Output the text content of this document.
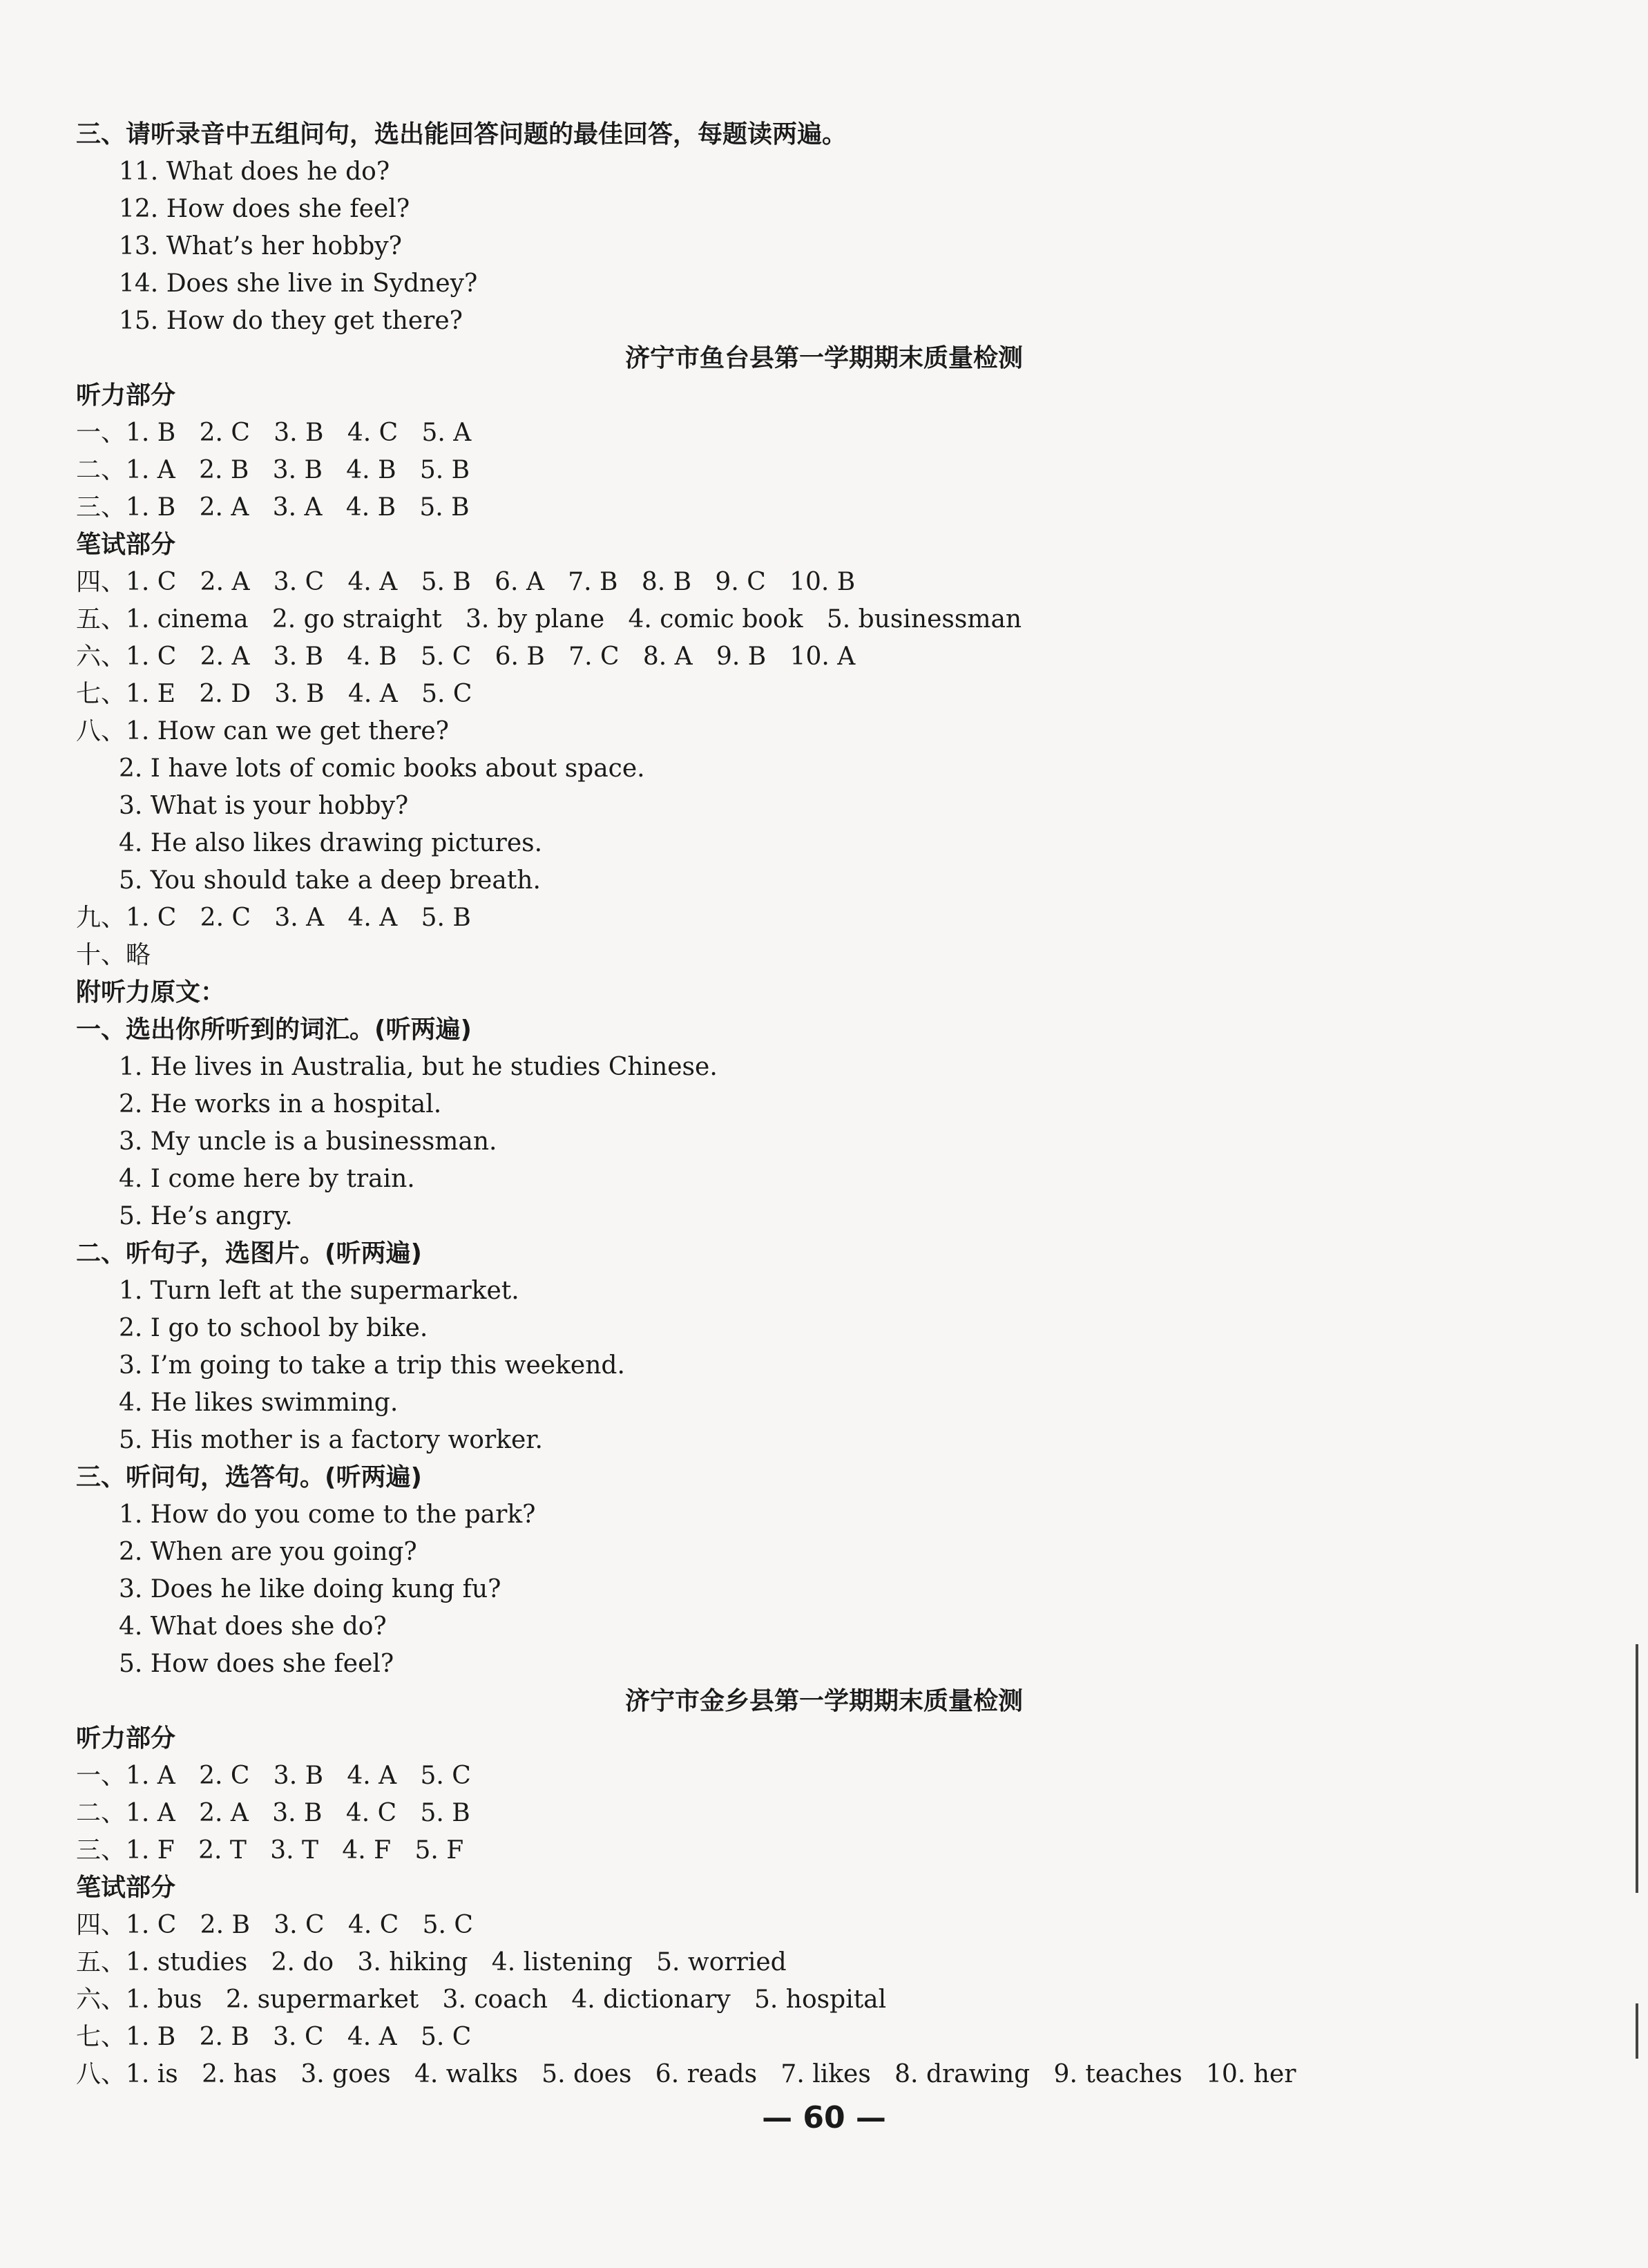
三、请听录音中五组问句，选出能回答问题的最佳回答，每题读两遍。
11. What does he do?
12. How does she feel?
13. What’s her hobby?
14. Does she live in Sydney?
15. How do they get there?
济宁市鱼台县第一学期期末质量检测
听力部分
一、1. B   2. C   3. B   4. C   5. A
二、1. A   2. B   3. B   4. B   5. B
三、1. B   2. A   3. A   4. B   5. B
笔试部分
四、1. C   2. A   3. C   4. A   5. B   6. A   7. B   8. B   9. C   10. B
五、1. cinema   2. go straight   3. by plane   4. comic book   5. businessman
六、1. C   2. A   3. B   4. B   5. C   6. B   7. C   8. A   9. B   10. A
七、1. E   2. D   3. B   4. A   5. C
八、1. How can we get there?
2. I have lots of comic books about space.
3. What is your hobby?
4. He also likes drawing pictures.
5. You should take a deep breath.
九、1. C   2. C   3. A   4. A   5. B
十、略
附听力原文：
一、选出你所听到的词汇。(听两遍)
1. He lives in Australia, but he studies Chinese.
2. He works in a hospital.
3. My uncle is a businessman.
4. I come here by train.
5. He’s angry.
二、听句子，选图片。(听两遍)
1. Turn left at the supermarket.
2. I go to school by bike.
3. I’m going to take a trip this weekend.
4. He likes swimming.
5. His mother is a factory worker.
三、听问句，选答句。(听两遍)
1. How do you come to the park?
2. When are you going?
3. Does he like doing kung fu?
4. What does she do?
5. How does she feel?
济宁市金乡县第一学期期末质量检测
听力部分
一、1. A   2. C   3. B   4. A   5. C
二、1. A   2. A   3. B   4. C   5. B
三、1. F   2. T   3. T   4. F   5. F
笔试部分
四、1. C   2. B   3. C   4. C   5. C
五、1. studies   2. do   3. hiking   4. listening   5. worried
六、1. bus   2. supermarket   3. coach   4. dictionary   5. hospital
七、1. B   2. B   3. C   4. A   5. C
八、1. is   2. has   3. goes   4. walks   5. does   6. reads   7. likes   8. drawing   9. teaches   10. her
— 60 —
